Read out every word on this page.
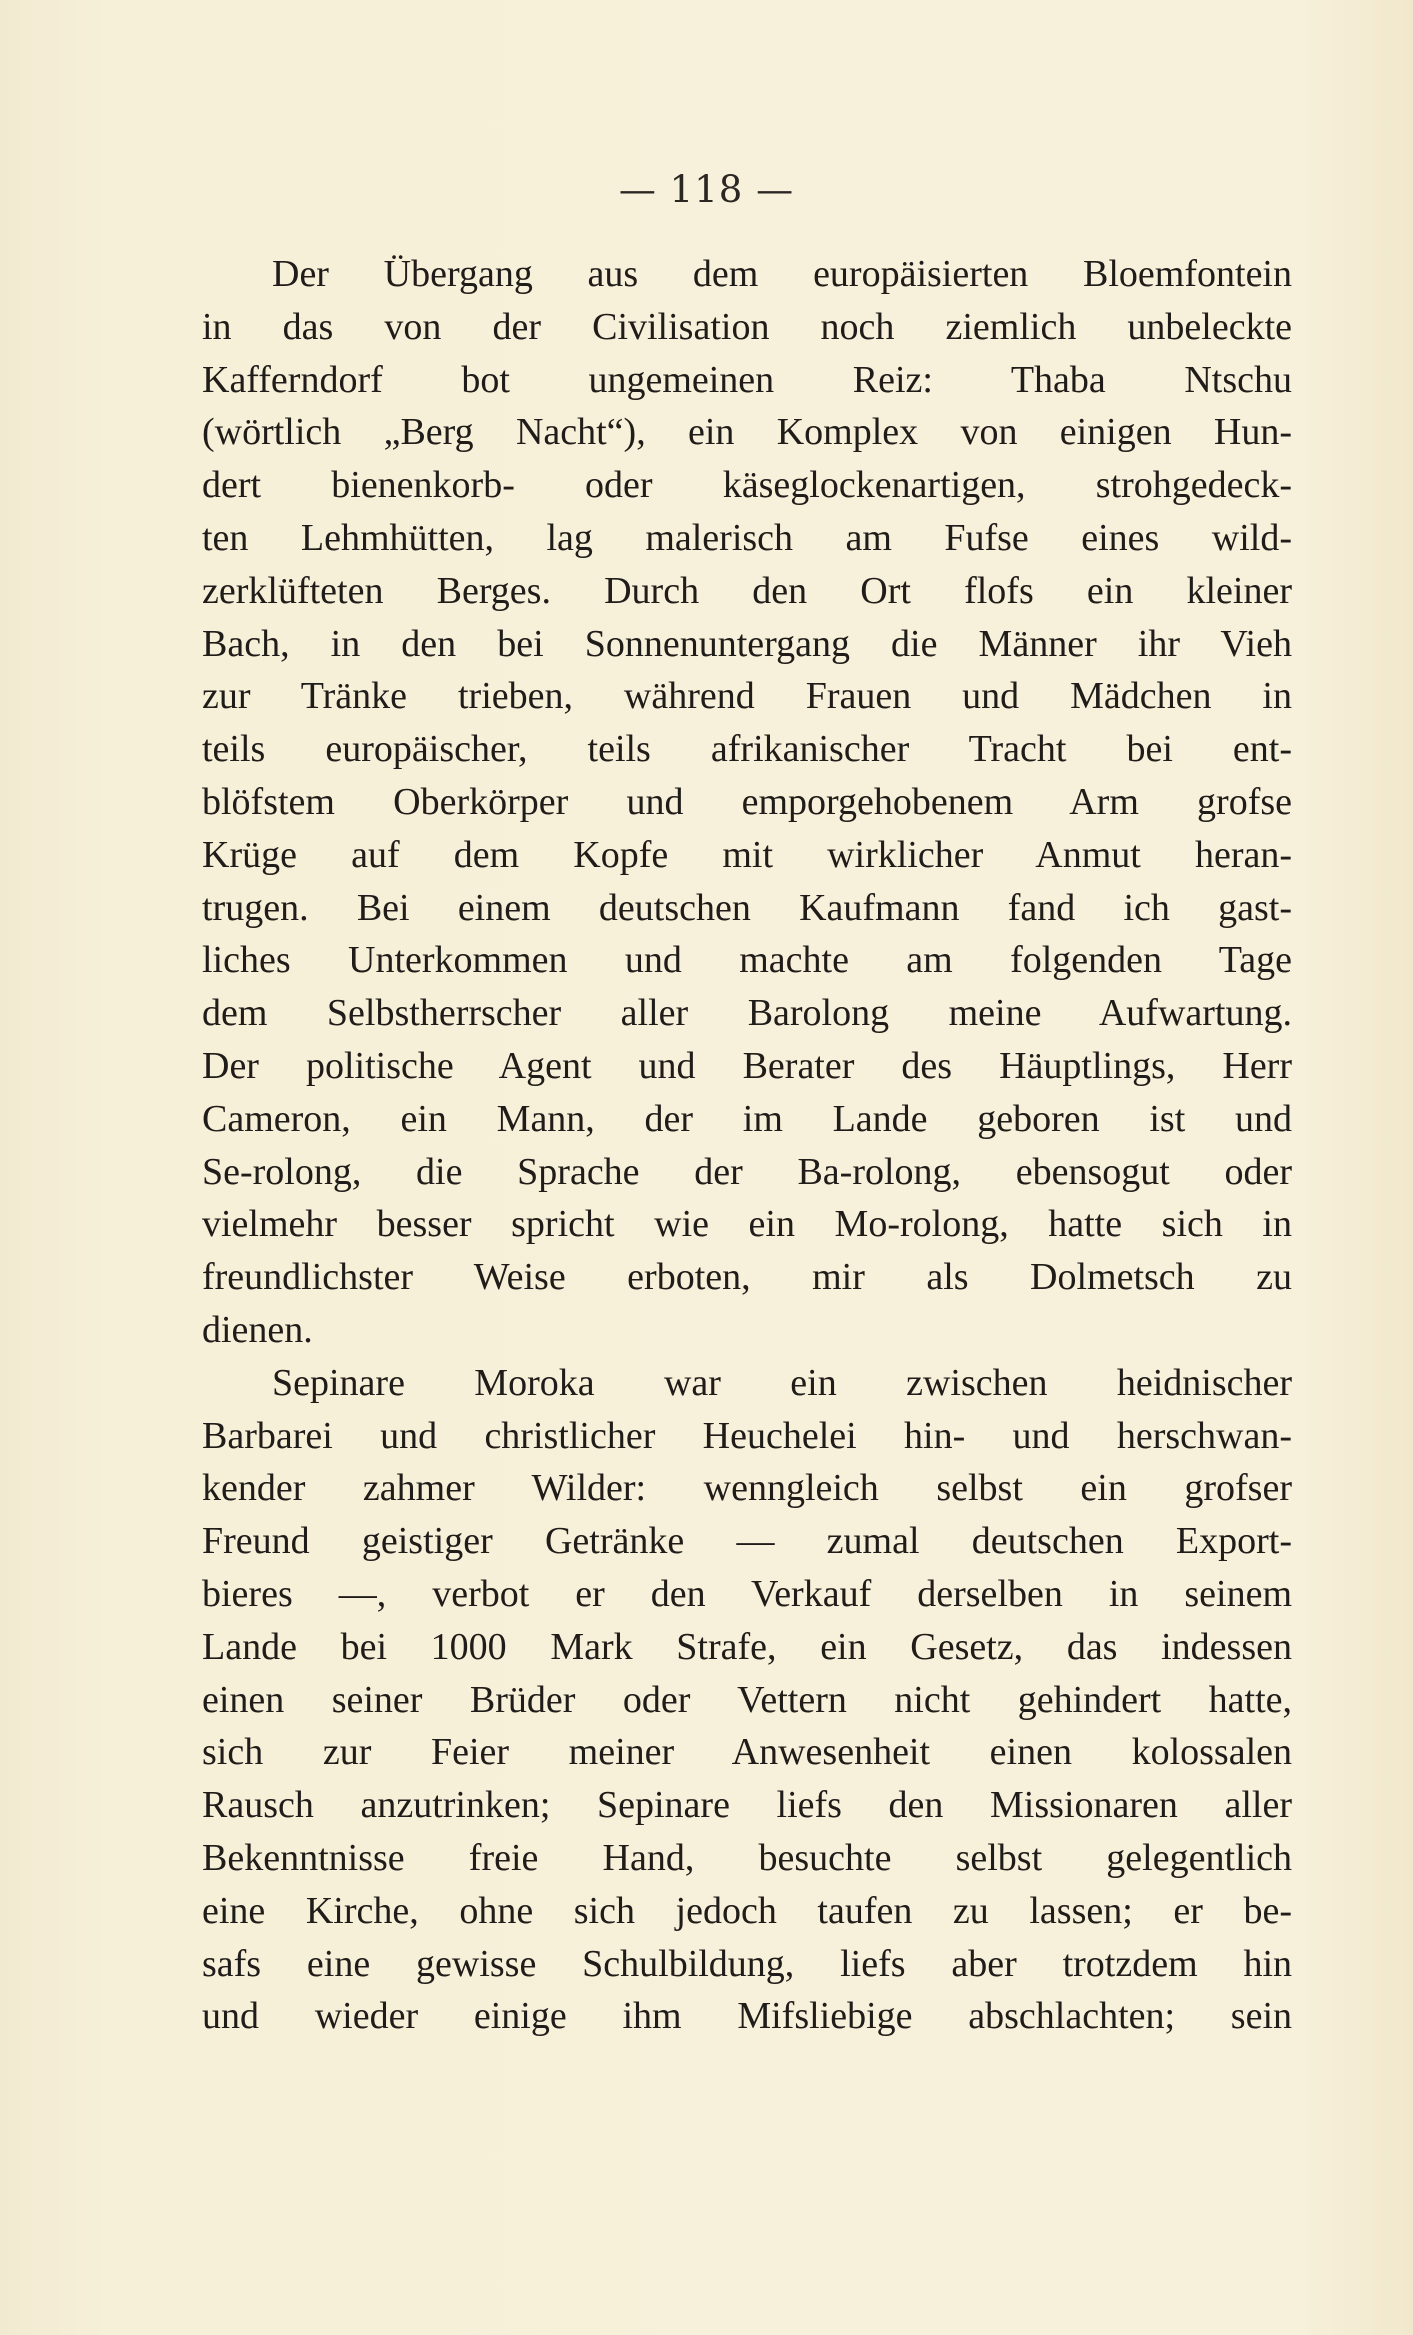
— 118 —
Der Übergang aus dem europäisierten Bloemfontein
in das von der Civilisation noch ziemlich unbeleckte
Kafferndorf bot ungemeinen Reiz: Thaba Ntschu
(wörtlich „Berg Nacht“), ein Komplex von einigen Hun-
dert bienenkorb- oder käseglockenartigen, strohgedeck-
ten Lehmhütten, lag malerisch am Fufse eines wild-
zerklüfteten Berges. Durch den Ort flofs ein kleiner
Bach, in den bei Sonnenuntergang die Männer ihr Vieh
zur Tränke trieben, während Frauen und Mädchen in
teils europäischer, teils afrikanischer Tracht bei ent-
blöfstem Oberkörper und emporgehobenem Arm grofse
Krüge auf dem Kopfe mit wirklicher Anmut heran-
trugen. Bei einem deutschen Kaufmann fand ich gast-
liches Unterkommen und machte am folgenden Tage
dem Selbstherrscher aller Barolong meine Aufwartung.
Der politische Agent und Berater des Häuptlings, Herr
Cameron, ein Mann, der im Lande geboren ist und
Se-rolong, die Sprache der Ba-rolong, ebensogut oder
vielmehr besser spricht wie ein Mo-rolong, hatte sich in
freundlichster Weise erboten, mir als Dolmetsch zu
dienen.
Sepinare Moroka war ein zwischen heidnischer
Barbarei und christlicher Heuchelei hin- und herschwan-
kender zahmer Wilder: wenngleich selbst ein grofser
Freund geistiger Getränke — zumal deutschen Export-
bieres —, verbot er den Verkauf derselben in seinem
Lande bei 1000 Mark Strafe, ein Gesetz, das indessen
einen seiner Brüder oder Vettern nicht gehindert hatte,
sich zur Feier meiner Anwesenheit einen kolossalen
Rausch anzutrinken; Sepinare liefs den Missionaren aller
Bekenntnisse freie Hand, besuchte selbst gelegentlich
eine Kirche, ohne sich jedoch taufen zu lassen; er be-
safs eine gewisse Schulbildung, liefs aber trotzdem hin
und wieder einige ihm Mifsliebige abschlachten; sein
